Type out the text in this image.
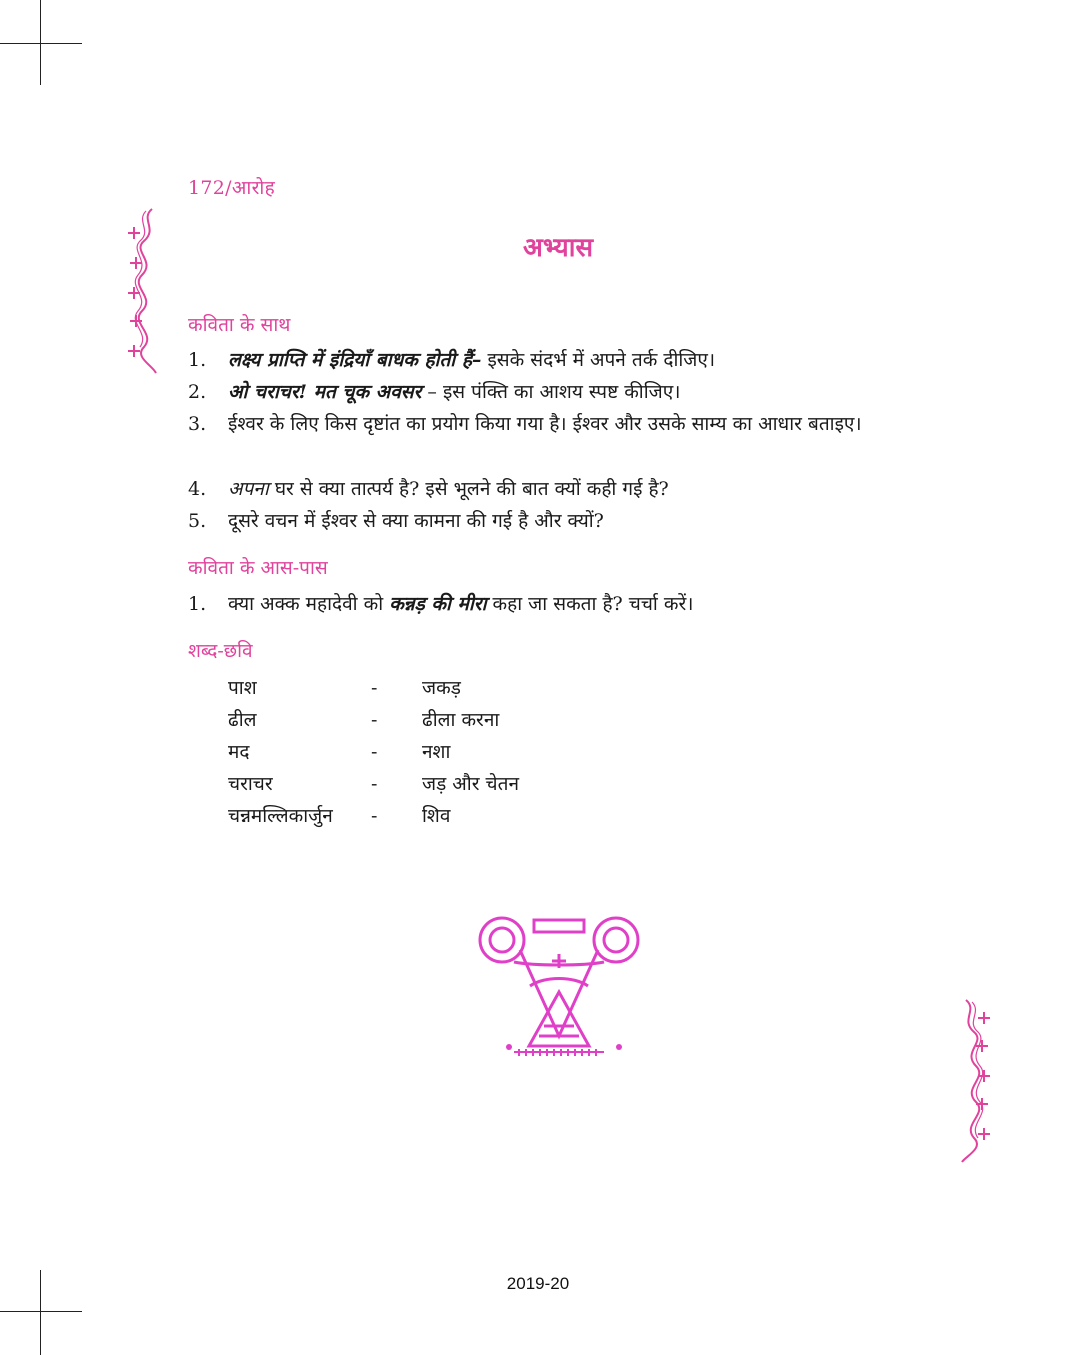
172/आरोह
अभ्यास
कविता के साथ
1.	लक्ष्य प्राप्ति में इंद्रियाँ बाधक होती हैं– इसके संदर्भ में अपने तर्क दीजिए।
2.	ओ चराचर! मत चूक अवसर – इस पंक्ति का आशय स्पष्ट कीजिए।
3.	ईश्वर के लिए किस दृष्टांत का प्रयोग किया गया है। ईश्वर और उसके साम्य का आधार बताइए।
4.	अपना घर से क्या तात्पर्य है? इसे भूलने की बात क्यों कही गई है?
5.	दूसरे वचन में ईश्वर से क्या कामना की गई है और क्यों?
कविता के आस-पास
1.	क्या अक्क महादेवी को कन्नड़ की मीरा कहा जा सकता है? चर्चा करें।
शब्द-छवि
पाश	-	जकड़
ढील	-	ढीला करना
मद	-	नशा
चराचर	-	जड़ और चेतन
चन्नमल्लिकार्जुन	-	शिव
2019-20
